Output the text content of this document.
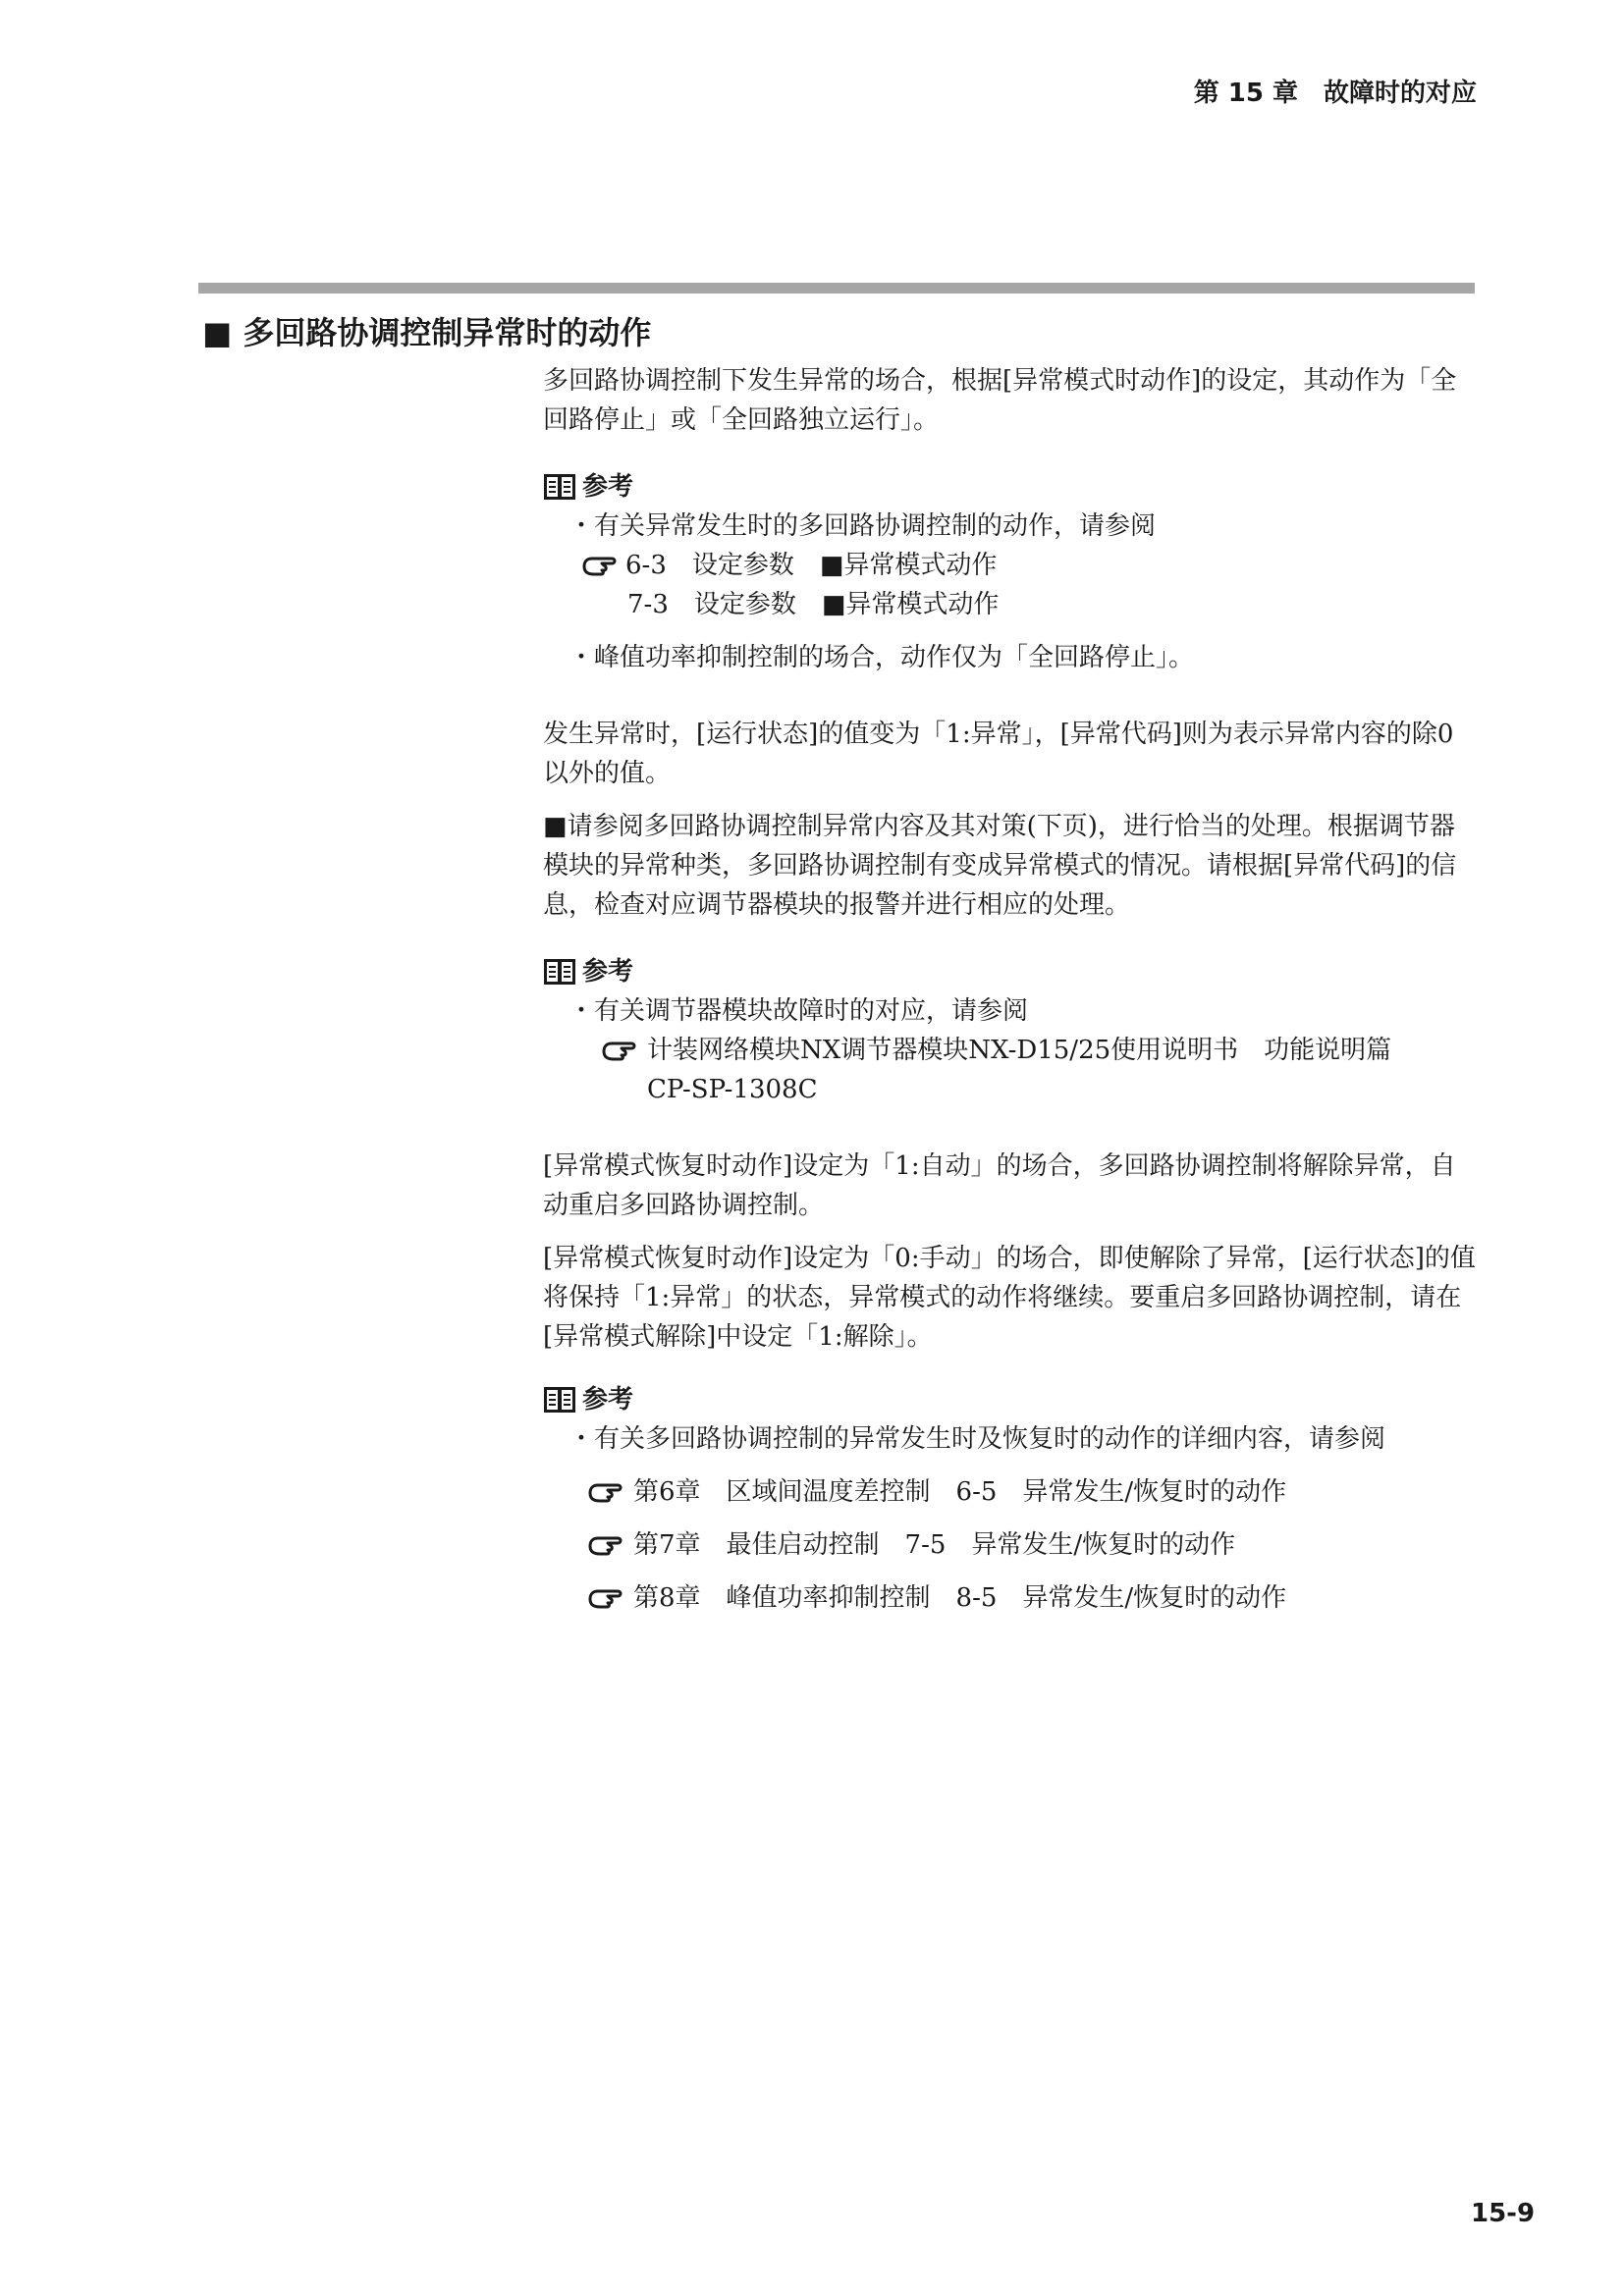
第 15 章　故障时的对应
■ 多回路协调控制异常时的动作

多回路协调控制下发生异常的场合，根据[异常模式时动作]的设定，其动作为「全回路停止」或「全回路独立运行」。

参考

・有关异常发生时的多回路协调控制的动作，请参阅

6-3　设定参数　■异常模式动作

7-3　设定参数　■异常模式动作

・峰值功率抑制控制的场合，动作仅为「全回路停止」。

发生异常时，[运行状态]的值变为「1:异常」，[异常代码]则为表示异常内容的除0以外的值。

■请参阅多回路协调控制异常内容及其对策(下页)，进行恰当的处理。根据调节器模块的异常种类，多回路协调控制有变成异常模式的情况。请根据[异常代码]的信息，检查对应调节器模块的报警并进行相应的处理。

参考

・有关调节器模块故障时的对应，请参阅

计装网络模块NX调节器模块NX-D15/25使用说明书　功能说明篇
CP-SP-1308C

[异常模式恢复时动作]设定为「1:自动」的场合，多回路协调控制将解除异常，自动重启多回路协调控制。

[异常模式恢复时动作]设定为「0:手动」的场合，即使解除了异常，[运行状态]的值将保持「1:异常」的状态，异常模式的动作将继续。要重启多回路协调控制，请在[异常模式解除]中设定「1:解除」。

参考

・有关多回路协调控制的异常发生时及恢复时的动作的详细内容，请参阅

第6章　区域间温度差控制　6-5　异常发生/恢复时的动作
第7章　最佳启动控制　7-5　异常发生/恢复时的动作
第8章　峰值功率抑制控制　8-5　异常发生/恢复时的动作
15-9
